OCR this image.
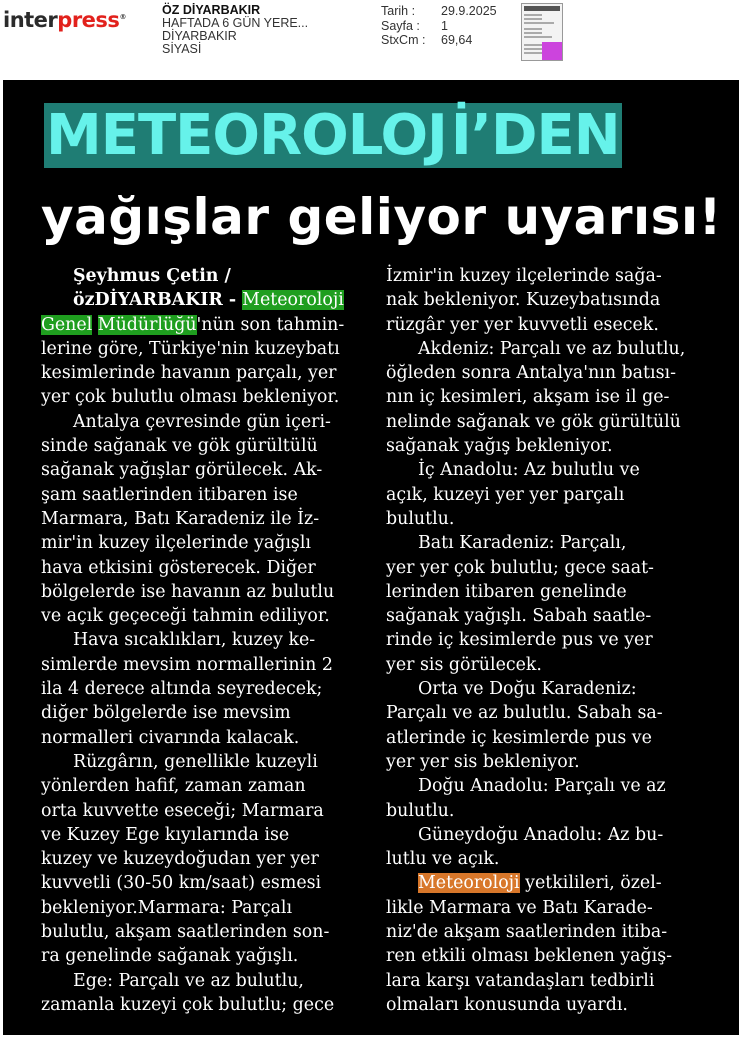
interpress®	ÖZ DİYARBAKIR
HAFTADA 6 GÜN YERE...
DİYARBAKIR
SİYASİ
Tarih :	29.9.2025
Sayfa :	1
StxCm :	69,64
METEOROLOJİ’DEN
yağışlar geliyor uyarısı!
Şeyhmus Çetin /
özDİYARBAKIR - Meteoroloji
Genel Müdürlüğü'nün son tahmin-
lerine göre, Türkiye'nin kuzeybatı
kesimlerinde havanın parçalı, yer
yer çok bulutlu olması bekleniyor.
Antalya çevresinde gün içeri-
sinde sağanak ve gök gürültülü
sağanak yağışlar görülecek. Ak-
şam saatlerinden itibaren ise
Marmara, Batı Karadeniz ile İz-
mir'in kuzey ilçelerinde yağışlı
hava etkisini gösterecek. Diğer
bölgelerde ise havanın az bulutlu
ve açık geçeceği tahmin ediliyor.
Hava sıcaklıkları, kuzey ke-
simlerde mevsim normallerinin 2
ila 4 derece altında seyredecek;
diğer bölgelerde ise mevsim
normalleri civarında kalacak.
Rüzgârın, genellikle kuzeyli
yönlerden hafif, zaman zaman
orta kuvvette eseceği; Marmara
ve Kuzey Ege kıyılarında ise
kuzey ve kuzeydoğudan yer yer
kuvvetli (30-50 km/saat) esmesi
bekleniyor.Marmara: Parçalı
bulutlu, akşam saatlerinden son-
ra genelinde sağanak yağışlı.
Ege: Parçalı ve az bulutlu,
zamanla kuzeyi çok bulutlu; gece
İzmir'in kuzey ilçelerinde sağa-
nak bekleniyor. Kuzeybatısında
rüzgâr yer yer kuvvetli esecek.
Akdeniz: Parçalı ve az bulutlu,
öğleden sonra Antalya'nın batısı-
nın iç kesimleri, akşam ise il ge-
nelinde sağanak ve gök gürültülü
sağanak yağış bekleniyor.
İç Anadolu: Az bulutlu ve
açık, kuzeyi yer yer parçalı
bulutlu.
Batı Karadeniz: Parçalı,
yer yer çok bulutlu; gece saat-
lerinden itibaren genelinde
sağanak yağışlı. Sabah saatle-
rinde iç kesimlerde pus ve yer
yer sis görülecek.
Orta ve Doğu Karadeniz:
Parçalı ve az bulutlu. Sabah sa-
atlerinde iç kesimlerde pus ve
yer yer sis bekleniyor.
Doğu Anadolu: Parçalı ve az
bulutlu.
Güneydoğu Anadolu: Az bu-
lutlu ve açık.
Meteoroloji yetkilileri, özel-
likle Marmara ve Batı Karade-
niz'de akşam saatlerinden itiba-
ren etkili olması beklenen yağış-
lara karşı vatandaşları tedbirli
olmaları konusunda uyardı.
